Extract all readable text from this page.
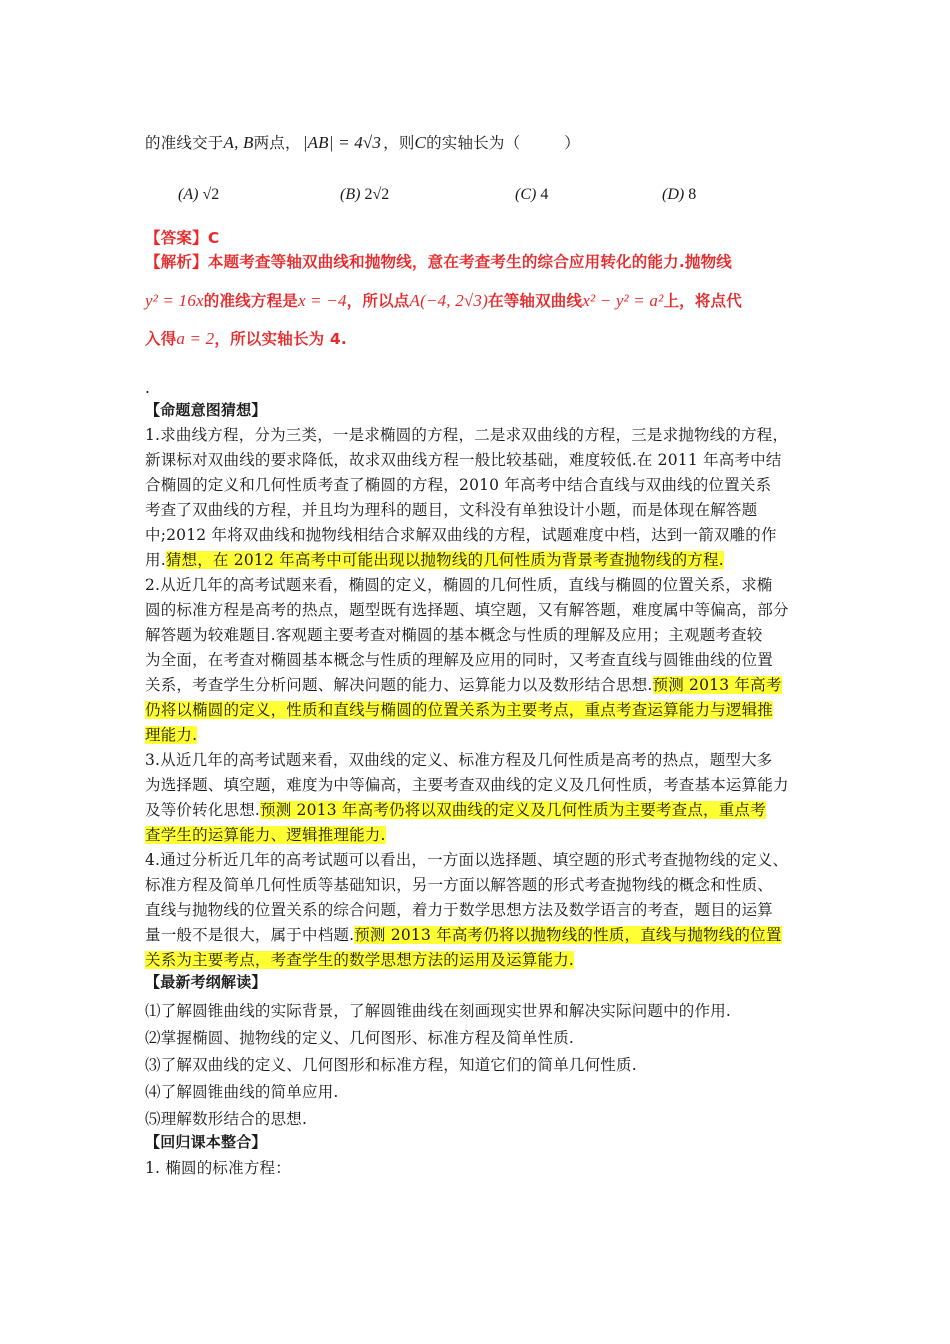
的准线交于A, B两点， |AB| = 4√3 ，则C的实轴长为（	）
(A) √2	(B) 2√2	(C) 4	(D) 8
【答案】C
【解析】本题考查等轴双曲线和抛物线，意在考查考生的综合应用转化的能力.抛物线
y² = 16x的准线方程是x = −4，所以点A(−4, 2√3)在等轴双曲线x² − y² = a²上，将点代
入得a = 2，所以实轴长为 4.
.
【命题意图猜想】
1.求曲线方程，分为三类，一是求椭圆的方程，二是求双曲线的方程，三是求抛物线的方程，
新课标对双曲线的要求降低，故求双曲线方程一般比较基础，难度较低.在 2011 年高考中结
合椭圆的定义和几何性质考查了椭圆的方程，2010 年高考中结合直线与双曲线的位置关系
考查了双曲线的方程，并且均为理科的题目，文科没有单独设计小题，而是体现在解答题
中;2012 年将双曲线和抛物线相结合求解双曲线的方程，试题难度中档，达到一箭双雕的作
用.猜想，在 2012 年高考中可能出现以抛物线的几何性质为背景考查抛物线的方程.
2.从近几年的高考试题来看，椭圆的定义，椭圆的几何性质，直线与椭圆的位置关系，求椭
圆的标准方程是高考的热点，题型既有选择题、填空题，又有解答题，难度属中等偏高，部分
解答题为较难题目.客观题主要考查对椭圆的基本概念与性质的理解及应用；主观题考查较
为全面，在考查对椭圆基本概念与性质的理解及应用的同时，又考查直线与圆锥曲线的位置
关系，考查学生分析问题、解决问题的能力、运算能力以及数形结合思想.预测 2013 年高考
仍将以椭圆的定义，性质和直线与椭圆的位置关系为主要考点，重点考查运算能力与逻辑推
理能力.
3.从近几年的高考试题来看，双曲线的定义、标准方程及几何性质是高考的热点，题型大多
为选择题、填空题，难度为中等偏高，主要考查双曲线的定义及几何性质，考查基本运算能力
及等价转化思想.预测 2013 年高考仍将以双曲线的定义及几何性质为主要考查点，重点考
查学生的运算能力、逻辑推理能力.
4.通过分析近几年的高考试题可以看出，一方面以选择题、填空题的形式考查抛物线的定义、
标准方程及简单几何性质等基础知识，另一方面以解答题的形式考查抛物线的概念和性质、
直线与抛物线的位置关系的综合问题，着力于数学思想方法及数学语言的考查，题目的运算
量一般不是很大，属于中档题.预测 2013 年高考仍将以抛物线的性质，直线与抛物线的位置
关系为主要考点，考查学生的数学思想方法的运用及运算能力.
【最新考纲解读】
⑴了解圆锥曲线的实际背景，了解圆锥曲线在刻画现实世界和解决实际问题中的作用.
⑵掌握椭圆、抛物线的定义、几何图形、标准方程及简单性质.
⑶了解双曲线的定义、几何图形和标准方程，知道它们的简单几何性质.
⑷了解圆锥曲线的简单应用.
⑸理解数形结合的思想.
【回归课本整合】
1. 椭圆的标准方程：
